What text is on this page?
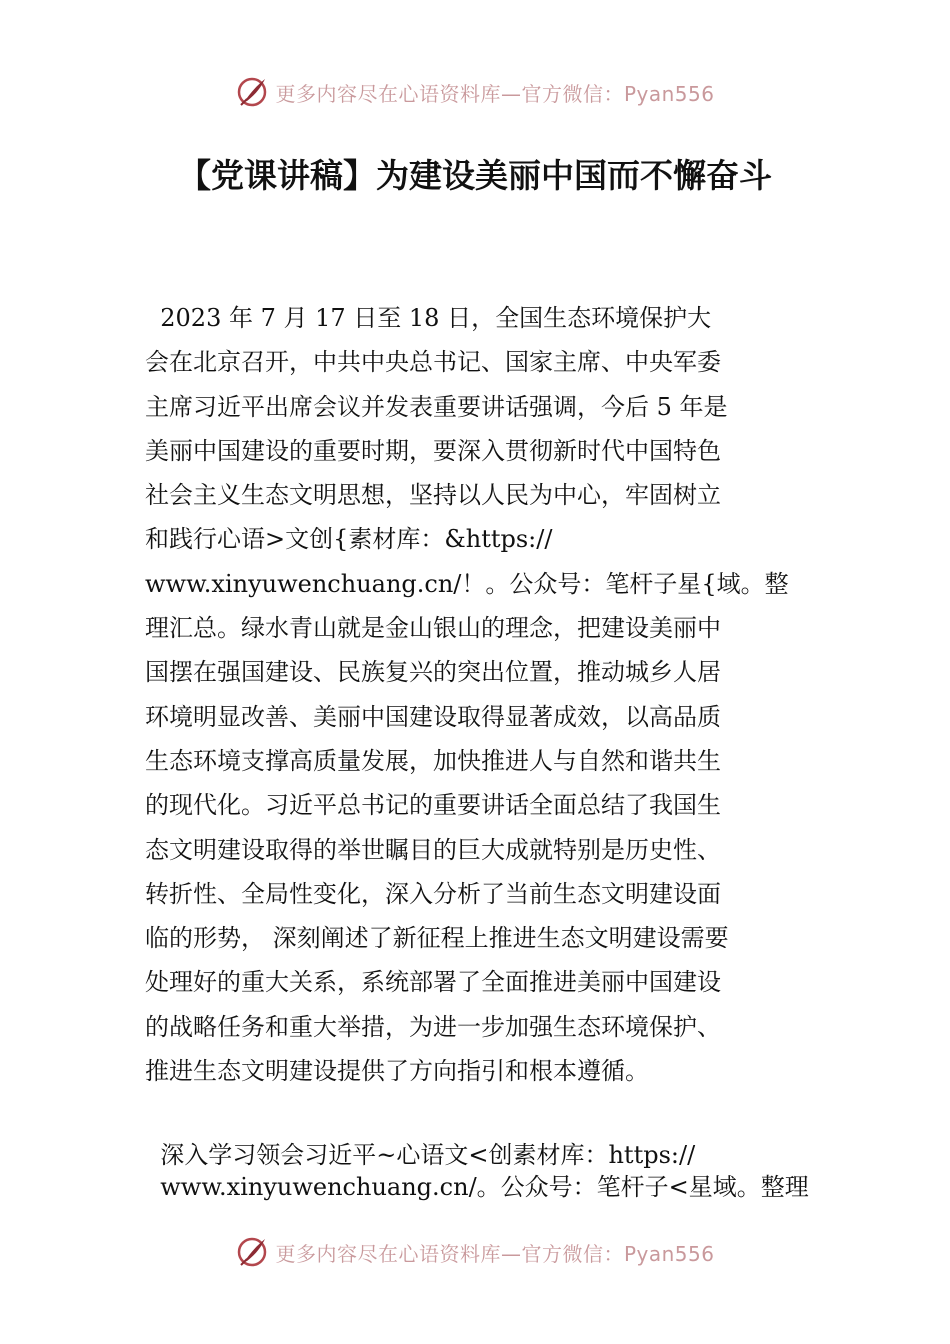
更多内容尽在心语资料库—官方微信：Pyan556
【党课讲稿】为建设美丽中国而不懈奋斗
2023 年 7 月 17 日至 18 日，全国生态环境保护大
会在北京召开，中共中央总书记、国家主席、中央军委
主席习近平出席会议并发表重要讲话强调，今后 5 年是
美丽中国建设的重要时期，要深入贯彻新时代中国特色
社会主义生态文明思想，坚持以人民为中心，牢固树立
和践行心语>文创{素材库：&https://
www.xinyuwenchuang.cn/！。公众号：笔杆子星{域。整
理汇总。绿水青山就是金山银山的理念，把建设美丽中
国摆在强国建设、民族复兴的突出位置，推动城乡人居
环境明显改善、美丽中国建设取得显著成效，以高品质
生态环境支撑高质量发展，加快推进人与自然和谐共生
的现代化。习近平总书记的重要讲话全面总结了我国生
态文明建设取得的举世瞩目的巨大成就特别是历史性、
转折性、全局性变化，深入分析了当前生态文明建设面
临的形势， 深刻阐述了新征程上推进生态文明建设需要
处理好的重大关系，系统部署了全面推进美丽中国建设
的战略任务和重大举措，为进一步加强生态环境保护、
推进生态文明建设提供了方向指引和根本遵循。
深入学习领会习近平~心语文<创素材库：https://
www.xinyuwenchuang.cn/。公众号：笔杆子<星域。整理
更多内容尽在心语资料库—官方微信：Pyan556
